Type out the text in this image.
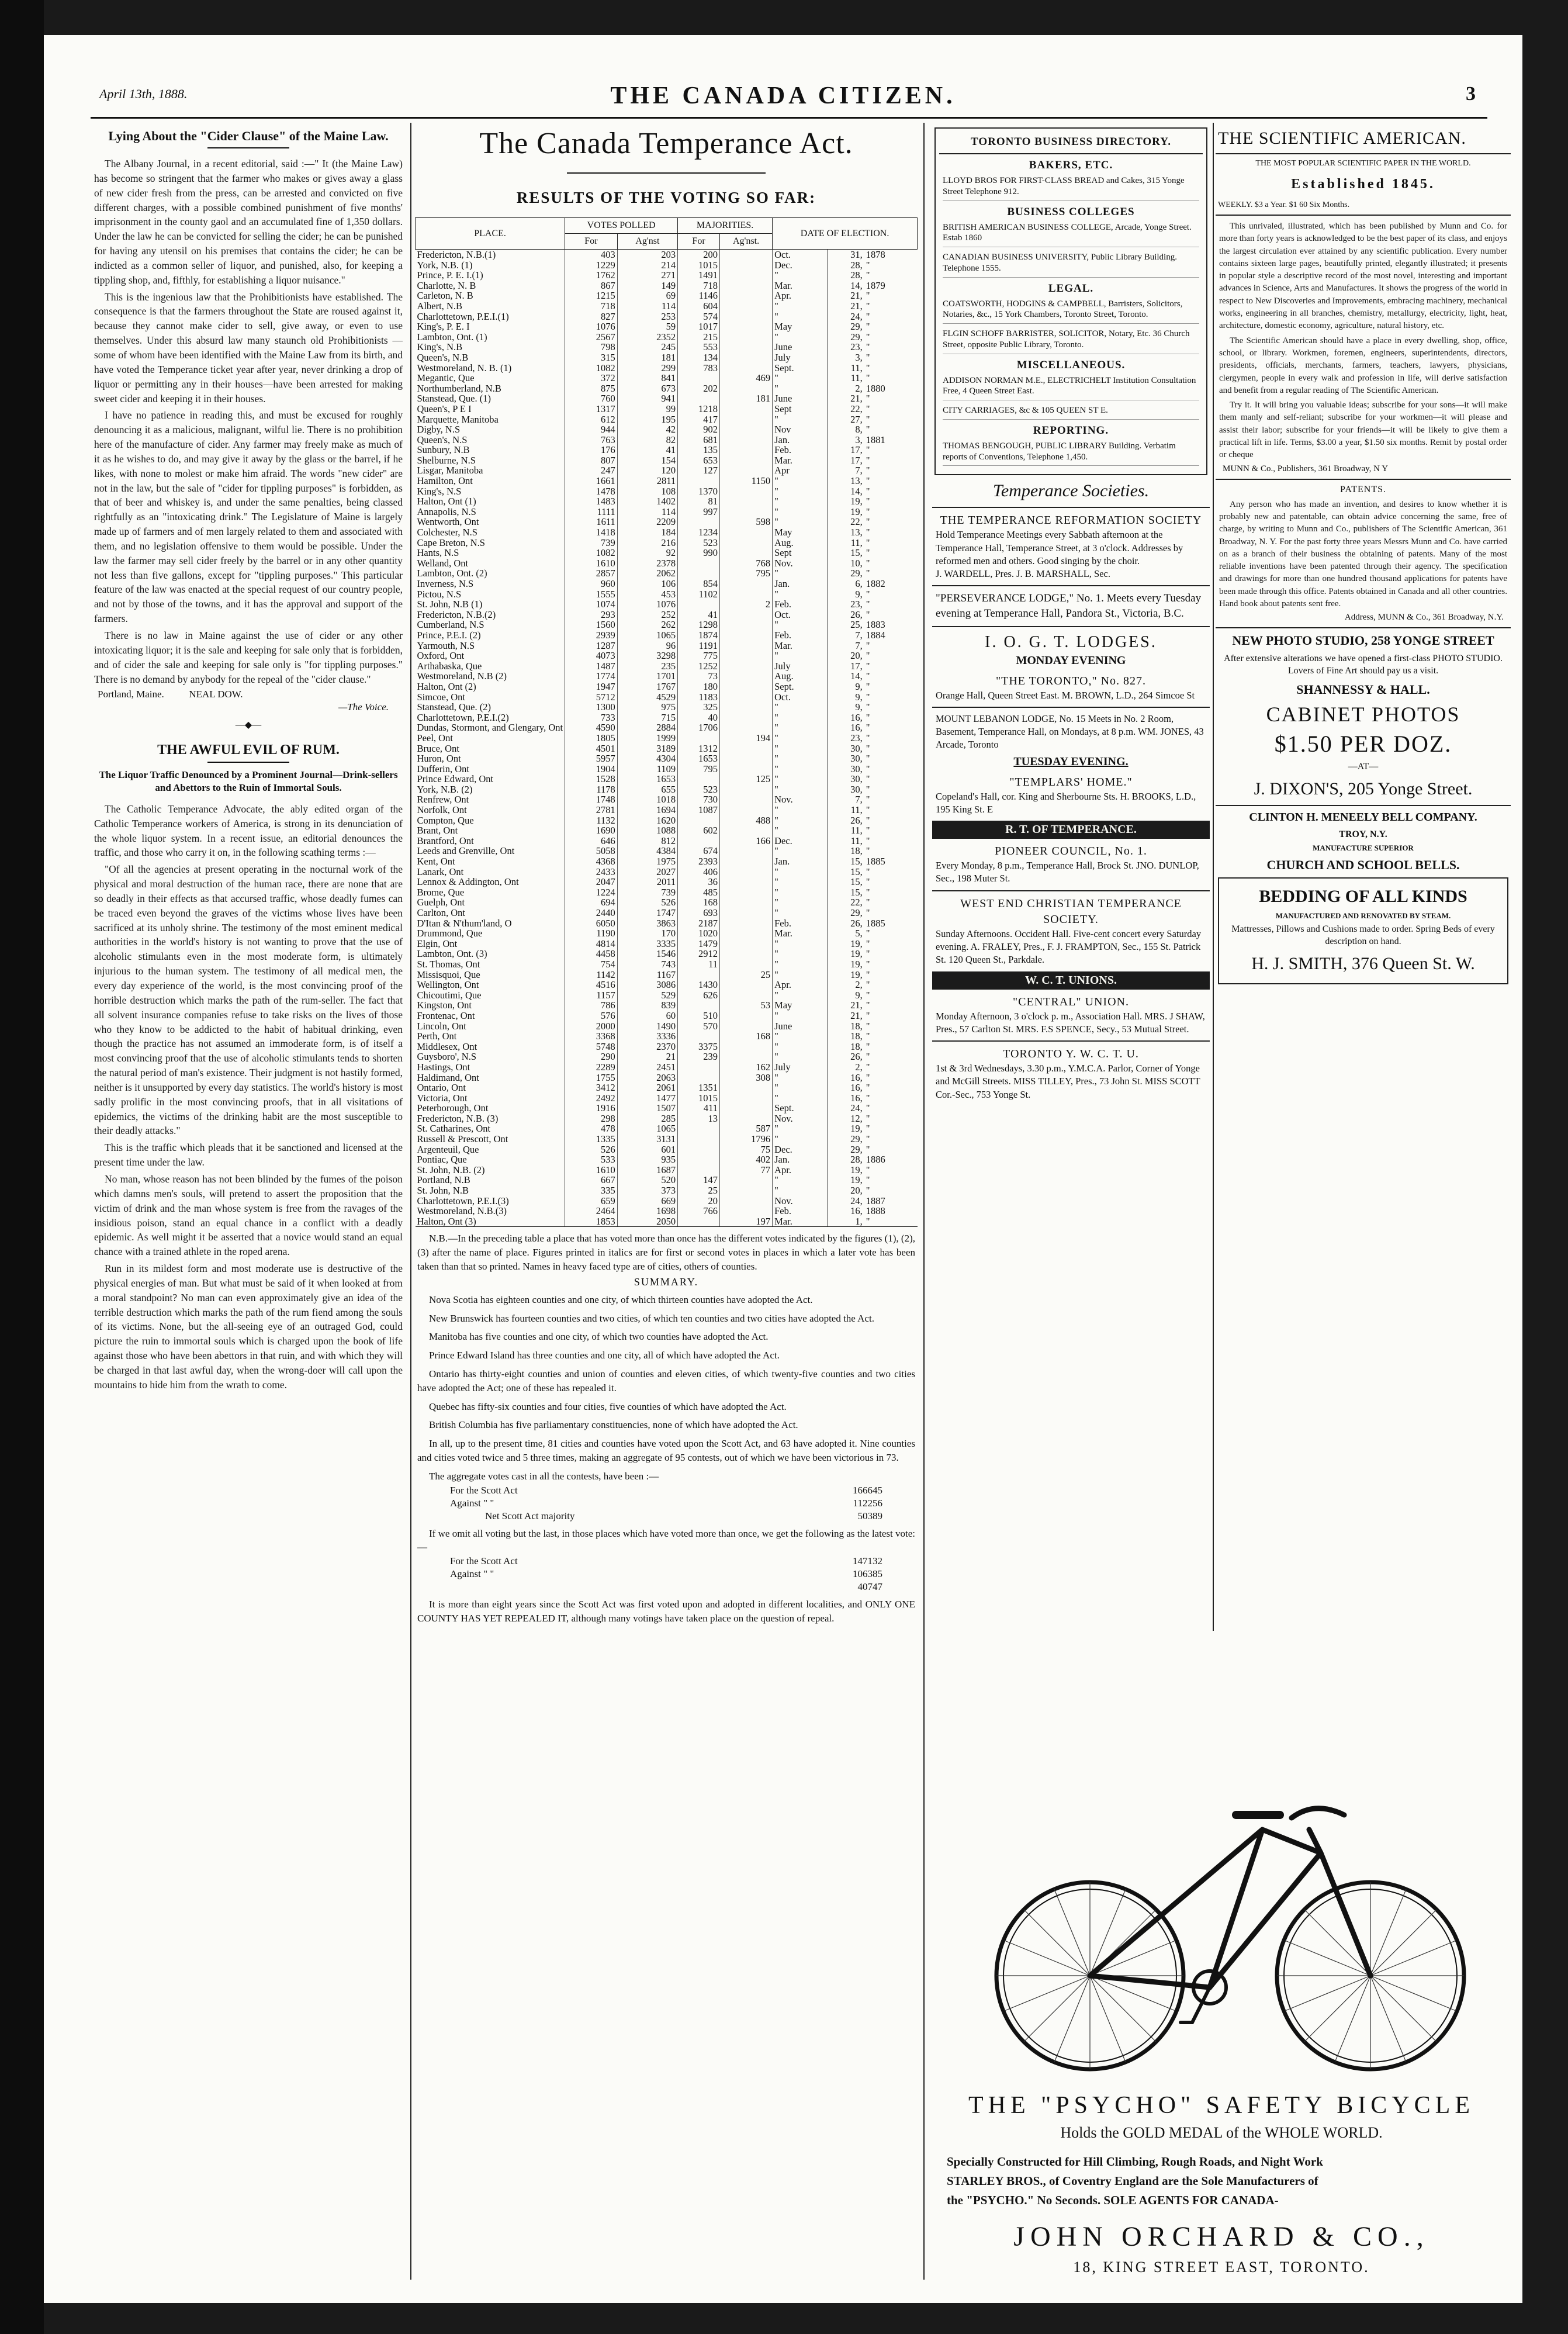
April 13th, 1888.	THE CANADA CITIZEN.	3
Lying About the "Cider Clause" of the Maine Law.

The Albany Journal, in a recent editorial, said :—" It (the Maine Law) has become so stringent that the farmer who makes or gives away a glass of new cider fresh from the press, can be arrested and convicted on five different charges, with a possible combined punishment of five months' imprisonment in the county gaol and an accumulated fine of 1,350 dollars. Under the law he can be convicted for selling the cider; he can be punished for having any utensil on his premises that contains the cider; he can be indicted as a common seller of liquor, and punished, also, for keeping a tippling shop, and, fifthly, for establishing a liquor nuisance."

This is the ingenious law that the Prohibitionists have established. The consequence is that the farmers throughout the State are roused against it, because they cannot make cider to sell, give away, or even to use themselves. Under this absurd law many staunch old Prohibitionists —some of whom have been identified with the Maine Law from its birth, and have voted the Temperance ticket year after year, never drinking a drop of liquor or permitting any in their houses—have been arrested for making sweet cider and keeping it in their houses.

I have no patience in reading this, and must be excused for roughly denouncing it as a malicious, malignant, wilful lie. There is no prohibition here of the manufacture of cider. Any farmer may freely make as much of it as he wishes to do, and may give it away by the glass or the barrel, if he likes, with none to molest or make him afraid. The words "new cider" are not in the law, but the sale of "cider for tippling purposes" is forbidden, as that of beer and whiskey is, and under the same penalties, being classed rightfully as an "intoxicating drink." The Legislature of Maine is largely made up of farmers and of men largely related to them and associated with them, and no legislation offensive to them would be possible. Under the law the farmer may sell cider freely by the barrel or in any other quantity not less than five gallons, except for "tippling purposes." This particular feature of the law was enacted at the special request of our country people, and not by those of the towns, and it has the approval and support of the farmers.

There is no law in Maine against the use of cider or any other intoxicating liquor; it is the sale and keeping for sale only that is forbidden, and of cider the sale and keeping for sale only is "for tippling purposes." There is no demand by anybody for the repeal of the "cider clause."

Portland, Maine.	NEAL DOW.
—The Voice.
—◆—
THE AWFUL EVIL OF RUM.
The Liquor Traffic Denounced by a Prominent Journal—Drink-sellers and Abettors to the Ruin of Immortal Souls.

The Catholic Temperance Advocate, the ably edited organ of the Catholic Temperance workers of America, is strong in its denunciation of the whole liquor system. In a recent issue, an editorial denounces the traffic, and those who carry it on, in the following scathing terms :—

"Of all the agencies at present operating in the nocturnal work of the physical and moral destruction of the human race, there are none that are so deadly in their effects as that accursed traffic, whose deadly fumes can be traced even beyond the graves of the victims whose lives have been sacrificed at its unholy shrine. The testimony of the most eminent medical authorities in the world's history is not wanting to prove that the use of alcoholic stimulants even in the most moderate form, is ultimately injurious to the human system. The testimony of all medical men, the every day experience of the world, is the most convincing proof of the horrible destruction which marks the path of the rum-seller. The fact that all solvent insurance companies refuse to take risks on the lives of those who they know to be addicted to the habit of habitual drinking, even though the practice has not assumed an immoderate form, is of itself a most convincing proof that the use of alcoholic stimulants tends to shorten the natural period of man's existence. Their judgment is not hastily formed, neither is it unsupported by every day statistics. The world's history is most sadly prolific in the most convincing proofs, that in all visitations of epidemics, the victims of the drinking habit are the most susceptible to their deadly attacks."

This is the traffic which pleads that it be sanctioned and licensed at the present time under the law.

No man, whose reason has not been blinded by the fumes of the poison which damns men's souls, will pretend to assert the proposition that the victim of drink and the man whose system is free from the ravages of the insidious poison, stand an equal chance in a conflict with a deadly epidemic. As well might it be asserted that a novice would stand an equal chance with a trained athlete in the roped arena.

Run in its mildest form and most moderate use is destructive of the physical energies of man. But what must be said of it when looked at from a moral standpoint? No man can even approximately give an idea of the terrible destruction which marks the path of the rum fiend among the souls of its victims. None, but the all-seeing eye of an outraged God, could picture the ruin to immortal souls which is charged upon the book of life against those who have been abettors in that ruin, and with which they will be charged in that last awful day, when the wrong-doer will call upon the mountains to hide him from the wrath to come.

The Canada Temperance Act.
RESULTS OF THE VOTING SO FAR:
PLACE.	VOTES POLLED		MAJORITIES.		DATE OF ELECTION.		
	For	Ag'nst	For	Ag'nst.			
Fredericton, N.B.(1)	403	203	200		Oct.	31,	1878
York, N.B. (1)	1229	214	1015		Dec.	28,	"
Prince, P. E. I.(1)	1762	271	1491		"	28,	"
Charlotte, N. B	867	149	718		Mar.	14,	1879
Carleton, N. B	1215	69	1146		Apr.	21,	"
Albert, N.B	718	114	604		"	21,	"
Charlottetown, P.E.I.(1)	827	253	574		"	24,	"
King's, P. E. I	1076	59	1017		May	29,	"
Lambton, Ont. (1)	2567	2352	215		"	29,	"
King's, N.B	798	245	553		June	23,	"
Queen's, N.B	315	181	134		July	3,	"
Westmoreland, N. B. (1)	1082	299	783		Sept.	11,	"
Megantic, Que	372	841		469	"	11,	"
Northumberland, N.B	875	673	202		"	2,	1880
Stanstead, Que. (1)	760	941		181	June	21,	"
Queen's, P E I	1317	99	1218		Sept	22,	"
Marquette, Manitoba	612	195	417		"	27,	"
Digby, N.S	944	42	902		Nov	8,	"
Queen's, N.S	763	82	681		Jan.	3,	1881
Sunbury, N.B	176	41	135		Feb.	17,	"
Shelburne, N.S	807	154	653		Mar.	17,	"
Lisgar, Manitoba	247	120	127		Apr	7,	"
Hamilton, Ont	1661	2811		1150	"	13,	"
King's, N.S	1478	108	1370		"	14,	"
Halton, Ont (1)	1483	1402	81		"	19,	"
Annapolis, N.S	1111	114	997		"	19,	"
Wentworth, Ont	1611	2209		598	"	22,	"
Colchester, N.S	1418	184	1234		May	13,	"
Cape Breton, N.S	739	216	523		Aug.	11,	"
Hants, N.S	1082	92	990		Sept	15,	"
Welland, Ont	1610	2378		768	Nov.	10,	"
Lambton, Ont. (2)	2857	2062		795	"	29,	"
Inverness, N.S	960	106	854		Jan.	6,	1882
Pictou, N.S	1555	453	1102		"	9,	"
St. John, N.B (1)	1074	1076		2	Feb.	23,	"
Fredericton, N.B.(2)	293	252	41		Oct.	26,	"
Cumberland, N.S	1560	262	1298		"	25,	1883
Prince, P.E.I. (2)	2939	1065	1874		Feb.	7,	1884
Yarmouth, N.S	1287	96	1191		Mar.	7,	"
Oxford, Ont	4073	3298	775		"	20,	"
Arthabaska, Que	1487	235	1252		July	17,	"
Westmoreland, N.B (2)	1774	1701	73		Aug.	14,	"
Halton, Ont (2)	1947	1767	180		Sept.	9,	"
Simcoe, Ont	5712	4529	1183		Oct.	9,	"
Stanstead, Que. (2)	1300	975	325		"	9,	"
Charlottetown, P.E.I.(2)	733	715	40		"	16,	"
Dundas, Stormont, and Glengary, Ont	4590	2884	1706		"	16,	"
Peel, Ont	1805	1999		194	"	23,	"
Bruce, Ont	4501	3189	1312		"	30,	"
Huron, Ont	5957	4304	1653		"	30,	"
Dufferin, Ont	1904	1109	795		"	30,	"
Prince Edward, Ont	1528	1653		125	"	30,	"
York, N.B. (2)	1178	655	523		"	30,	"
Renfrew, Ont	1748	1018	730		Nov.	7,	"
Norfolk, Ont	2781	1694	1087		"	11,	"
Compton, Que	1132	1620		488	"	26,	"
Brant, Ont	1690	1088	602		"	11,	"
Brantford, Ont	646	812		166	Dec.	11,	"
Leeds and Grenville, Ont	5058	4384	674		"	18,	"
Kent, Ont	4368	1975	2393		Jan.	15,	1885
Lanark, Ont	2433	2027	406		"	15,	"
Lennox & Addington, Ont	2047	2011	36		"	15,	"
Brome, Que	1224	739	485		"	15,	"
Guelph, Ont	694	526	168		"	22,	"
Carlton, Ont	2440	1747	693		"	29,	"
D'Itan & N'thum'land, O	6050	3863	2187		Feb.	26,	1885
Drummond, Que	1190	170	1020		Mar.	5,	"
Elgin, Ont	4814	3335	1479		"	19,	"
Lambton, Ont. (3)	4458	1546	2912		"	19,	"
St. Thomas, Ont	754	743	11		"	19,	"
Missisquoi, Que	1142	1167		25	"	19,	"
Wellington, Ont	4516	3086	1430		Apr.	2,	"
Chicoutimi, Que	1157	529	626		"	9,	"
Kingston, Ont	786	839		53	May	21,	"
Frontenac, Ont	576	60	510		"	21,	"
Lincoln, Ont	2000	1490	570		June	18,	"
Perth, Ont	3368	3336		168	"	18,	"
Middlesex, Ont	5748	2370	3375		"	18,	"
Guysboro', N.S	290	21	239		"	26,	"
Hastings, Ont	2289	2451		162	July	2,	"
Haldimand, Ont	1755	2063		308	"	16,	"
Ontario, Ont	3412	2061	1351		"	16,	"
Victoria, Ont	2492	1477	1015		"	16,	"
Peterborough, Ont	1916	1507	411		Sept.	24,	"
Fredericton, N.B. (3)	298	285	13		Nov.	12,	"
St. Catharines, Ont	478	1065		587	"	19,	"
Russell & Prescott, Ont	1335	3131		1796	"	29,	"
Argenteuil, Que	526	601		75	Dec.	29,	"
Pontiac, Que	533	935		402	Jan.	28,	1886
St. John, N.B. (2)	1610	1687		77	Apr.	19,	"
Portland, N.B	667	520	147		"	19,	"
St. John, N.B	335	373	25		"	20,	"
Charlottetown, P.E.I.(3)	659	669	20		Nov.	24,	1887
Westmoreland, N.B.(3)	2464	1698	766		Feb.	16,	1888
Halton, Ont (3)	1853	2050		197	Mar.	1,	"
N.B.—In the preceding table a place that has voted more than once has the different votes indicated by the figures (1), (2), (3) after the name of place. Figures printed in italics are for first or second votes in places in which a later vote has been taken than that so printed. Names in heavy faced type are of cities, others of counties.
SUMMARY.
Nova Scotia has eighteen counties and one city, of which thirteen counties have adopted the Act.
New Brunswick has fourteen counties and two cities, of which ten counties and two cities have adopted the Act.
Manitoba has five counties and one city, of which two counties have adopted the Act.
Prince Edward Island has three counties and one city, all of which have adopted the Act.
Ontario has thirty-eight counties and union of counties and eleven cities, of which twenty-five counties and two cities have adopted the Act; one of these has repealed it.
Quebec has fifty-six counties and four cities, five counties of which have adopted the Act.
British Columbia has five parliamentary constituencies, none of which have adopted the Act.
In all, up to the present time, 81 cities and counties have voted upon the Scott Act, and 63 have adopted it. Nine counties and cities voted twice and 5 three times, making an aggregate of 95 contests, out of which we have been victorious in 73.
The aggregate votes cast in all the contests, have been :—
For the Scott Act	166645
Against " "	112256
Net Scott Act majority	50389
If we omit all voting but the last, in those places which have voted more than once, we get the following as the latest vote:—
For the Scott Act	147132
Against " "	106385
40747
It is more than eight years since the Scott Act was first voted upon and adopted in different localities, and ONLY ONE COUNTY HAS YET REPEALED IT, although many votings have taken place on the question of repeal.
TORONTO BUSINESS DIRECTORY.
BAKERS, ETC.
LLOYD BROS FOR FIRST-CLASS BREAD and Cakes, 315 Yonge Street Telephone 912.
BUSINESS COLLEGES
BRITISH AMERICAN BUSINESS COLLEGE, Arcade, Yonge Street. Estab 1860
CANADIAN BUSINESS UNIVERSITY, Public Library Building. Telephone 1555.
LEGAL.
COATSWORTH, HODGINS & CAMPBELL, Barristers, Solicitors, Notaries, &c., 15 York Chambers, Toronto Street, Toronto.
FLGIN SCHOFF BARRISTER, SOLICITOR, Notary, Etc. 36 Church Street, opposite Public Library, Toronto.
MISCELLANEOUS.
ADDISON NORMAN M.E., ELECTRICHELT Institution Consultation Free, 4 Queen Street East.
CITY CARRIAGES, &c & 105 QUEEN ST E.
REPORTING.
THOMAS BENGOUGH, PUBLIC LIBRARY Building. Verbatim reports of Conventions, Telephone 1,450.
Temperance Societies.
THE TEMPERANCE REFORMATION SOCIETY
Hold Temperance Meetings every Sabbath afternoon at the Temperance Hall, Temperance Street, at 3 o'clock. Addresses by reformed men and others. Good singing by the choir.
J. WARDELL, Pres. J. B. MARSHALL, Sec.
"PERSEVERANCE LODGE," No. 1. Meets every Tuesday evening at Temperance Hall, Pandora St., Victoria, B.C.
I. O. G. T. LODGES.
MONDAY EVENING
"THE TORONTO," No. 827.
Orange Hall, Queen Street East. M. BROWN, L.D., 264 Simcoe St
MOUNT LEBANON LODGE, No. 15 Meets in No. 2 Room, Basement, Temperance Hall, on Mondays, at 8 p.m. WM. JONES, 43 Arcade, Toronto
TUESDAY EVENING.
"TEMPLARS' HOME."
Copeland's Hall, cor. King and Sherbourne Sts. H. BROOKS, L.D., 195 King St. E
R. T. OF TEMPERANCE.
PIONEER COUNCIL, No. 1.
Every Monday, 8 p.m., Temperance Hall, Brock St. JNO. DUNLOP, Sec., 198 Muter St.
WEST END CHRISTIAN TEMPERANCE SOCIETY.
Sunday Afternoons. Occident Hall. Five-cent concert every Saturday evening. A. FRALEY, Pres., F. J. FRAMPTON, Sec., 155 St. Patrick St. 120 Queen St., Parkdale.
W. C. T. UNIONS.
"CENTRAL" UNION.
Monday Afternoon, 3 o'clock p. m., Association Hall. MRS. J SHAW, Pres., 57 Carlton St. MRS. F.S SPENCE, Secy., 53 Mutual Street.
TORONTO Y. W. C. T. U.
1st & 3rd Wednesdays, 3.30 p.m., Y.M.C.A. Parlor, Corner of Yonge and McGill Streets. MISS TILLEY, Pres., 73 John St. MISS SCOTT Cor.-Sec., 753 Yonge St.
THE SCIENTIFIC AMERICAN.
THE MOST POPULAR SCIENTIFIC PAPER IN THE WORLD.
Established 1845.
WEEKLY. $3 a Year. $1 60 Six Months.

This unrivaled, illustrated, which has been published by Munn and Co. for more than forty years is acknowledged to be the best paper of its class, and enjoys the largest circulation ever attained by any scientific publication. Every number contains sixteen large pages, beautifully printed, elegantly illustrated; it presents in popular style a descriptive record of the most novel, interesting and important advances in Science, Arts and Manufactures. It shows the progress of the world in respect to New Discoveries and Improvements, embracing machinery, mechanical works, engineering in all branches, chemistry, metallurgy, electricity, light, heat, architecture, domestic economy, agriculture, natural history, etc.

The Scientific American should have a place in every dwelling, shop, office, school, or library. Workmen, foremen, engineers, superintendents, directors, presidents, officials, merchants, farmers, teachers, lawyers, physicians, clergymen, people in every walk and profession in life, will derive satisfaction and benefit from a regular reading of The Scientific American.

Try it. It will bring you valuable ideas; subscribe for your sons—it will make them manly and self-reliant; subscribe for your workmen—it will please and assist their labor; subscribe for your friends—it will be likely to give them a practical lift in life. Terms, $3.00 a year, $1.50 six months. Remit by postal order or cheque

MUNN & Co., Publishers, 361 Broadway, N Y
PATENTS.

Any person who has made an invention, and desires to know whether it is probably new and patentable, can obtain advice concerning the same, free of charge, by writing to Munn and Co., publishers of The Scientific American, 361 Broadway, N. Y. For the past forty three years Messrs Munn and Co. have carried on as a branch of their business the obtaining of patents. Many of the most reliable inventions have been patented through their agency. The specification and drawings for more than one hundred thousand applications for patents have been made through this office. Patents obtained in Canada and all other countries. Hand book about patents sent free.

Address, MUNN & Co., 361 Broadway, N.Y.
NEW PHOTO STUDIO, 258 YONGE STREET
After extensive alterations we have opened a first-class PHOTO STUDIO. Lovers of Fine Art should pay us a visit.
SHANNESSY & HALL.
CABINET PHOTOS
$1.50 PER DOZ.
—AT—
J. DIXON'S, 205 Yonge Street.
CLINTON H. MENEELY BELL COMPANY.
TROY, N.Y.
MANUFACTURE SUPERIOR
CHURCH AND SCHOOL BELLS.
BEDDING OF ALL KINDS
MANUFACTURED AND RENOVATED BY STEAM.
Mattresses, Pillows and Cushions made to order. Spring Beds of every description on hand.
H. J. SMITH, 376 Queen St. W.
THE "PSYCHO" SAFETY BICYCLE
Holds the GOLD MEDAL of the WHOLE WORLD.
Specially Constructed for Hill Climbing, Rough Roads, and Night Work
STARLEY BROS., of Coventry England are the Sole Manufacturers of
the "PSYCHO." No Seconds. SOLE AGENTS FOR CANADA-
JOHN ORCHARD & CO.,
18, KING STREET EAST, TORONTO.
